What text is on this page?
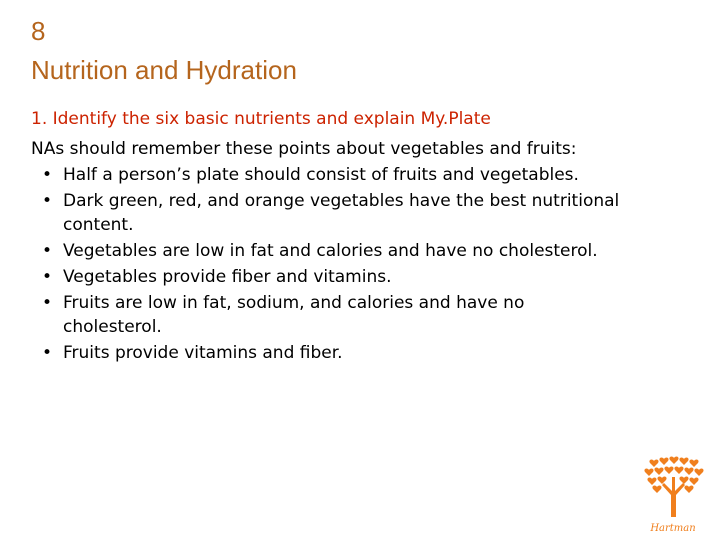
8
Nutrition and Hydration
1. Identify the six basic nutrients and explain My.Plate
NAs should remember these points about vegetables and fruits:
• Half a person’s plate should consist of fruits and vegetables.
• Dark green, red, and orange vegetables have the best nutritional content.
• Vegetables are low in fat and calories and have no cholesterol.
• Vegetables provide fiber and vitamins.
• Fruits are low in fat, sodium, and calories and have no cholesterol.
• Fruits provide vitamins and fiber.
Hartman
